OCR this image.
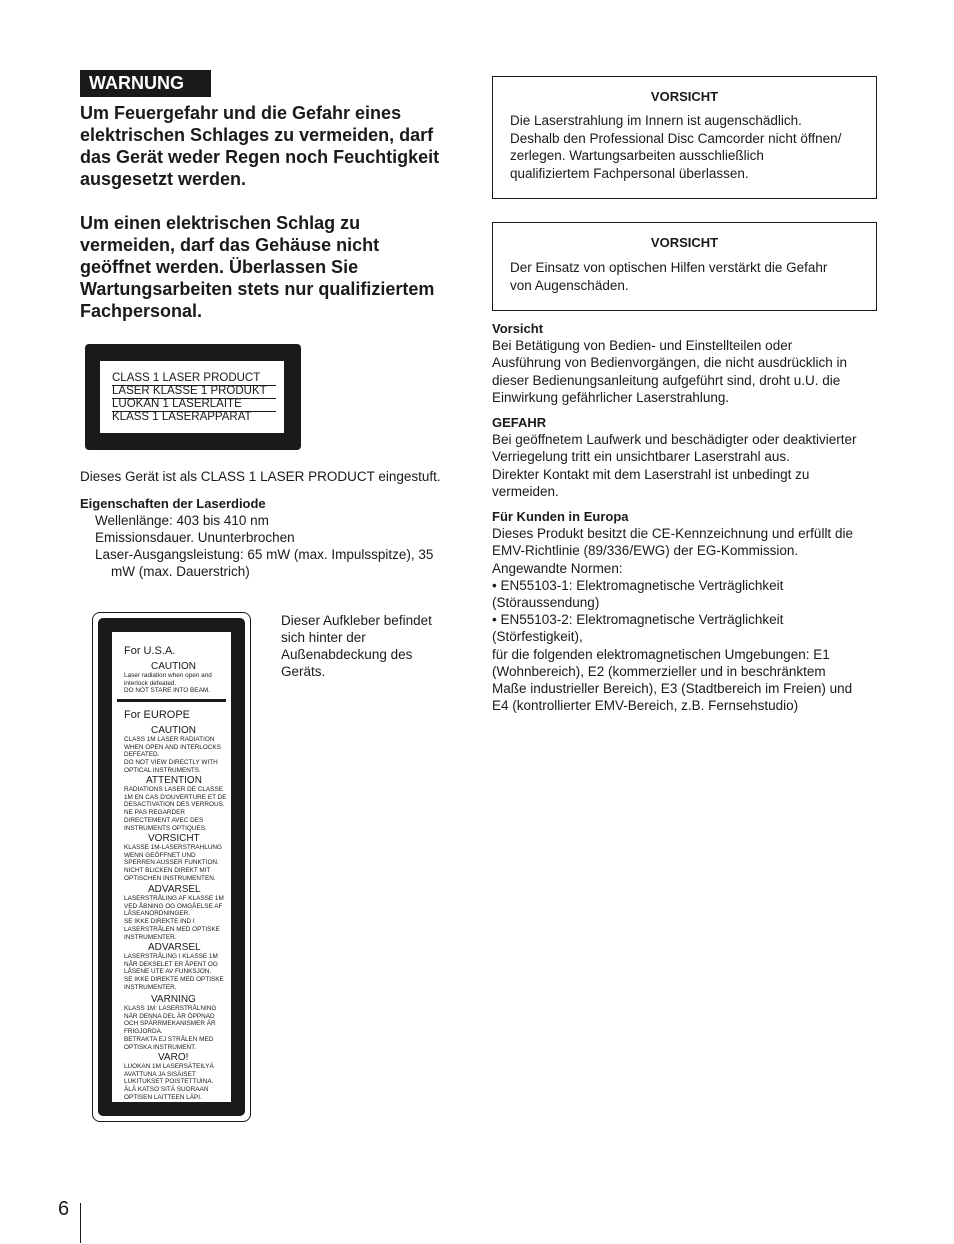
WARNUNG
Um Feuergefahr und die Gefahr eines
elektrischen Schlages zu vermeiden, darf
das Gerät weder Regen noch Feuchtigkeit
ausgesetzt werden.
Um einen elektrischen Schlag zu
vermeiden, darf das Gehäuse nicht
geöffnet werden. Überlassen Sie
Wartungsarbeiten stets nur qualifiziertem
Fachpersonal.
CLASS 1 LASER PRODUCT
LASER KLASSE 1 PRODUKT
LUOKAN 1 LASERLAITE
KLASS 1 LASERAPPARAT
Dieses Gerät ist als CLASS 1 LASER PRODUCT eingestuft.
Eigenschaften der Laserdiode
Wellenlänge: 403 bis 410 nm
Emissionsdauer. Ununterbrochen
Laser-Ausgangsleistung: 65 mW (max. Impulsspitze), 35
mW (max. Dauerstrich)
For U.S.A.
CAUTION
Laser radiation when open and
interlock defeated.
DO NOT STARE INTO BEAM.
For EUROPE
CAUTION
CLASS 1M LASER RADIATION
WHEN OPEN AND INTERLOCKS
DEFEATED.
DO NOT VIEW DIRECTLY WITH
OPTICAL INSTRUMENTS.
ATTENTION
RADIATIONS LASER DE CLASSE
1M EN CAS D'OUVERTURE ET DE
DESACTIVATION DES VERROUS.
NE PAS REGARDER
DIRECTEMENT AVEC DES
INSTRUMENTS OPTIQUES.
VORSICHT
KLASSE 1M-LASERSTRAHLUNG
WENN GEÖFFNET UND
SPERREN AUSSER FUNKTION.
NICHT BLICKEN DIREKT MIT
OPTISCHEN INSTRUMENTEN.
ADVARSEL
LASERSTRÅLING AF KLASSE 1M
VED ÅBNING OG OMGÅELSE AF
LÅSEANORDNINGER.
SE IKKE DIREKTE IND I
LASERSTRÅLEN MED OPTISKE
INSTRUMENTER.
ADVARSEL
LASERSTRÅLING I KLASSE 1M
NÅR DEKSELET ER ÅPENT OG
LÅSENE UTE AV FUNKSJON.
SE IKKE DIREKTE MED OPTISKE
INSTRUMENTER.
VARNING
KLASS 1M: LASERSTRÅLNING
NÄR DENNA DEL ÄR ÖPPNAD
OCH SPÄRRMEKANISMER ÄR
FRIGJORDA.
BETRAKTA EJ STRÅLEN MED
OPTISKA INSTRUMENT.
VARO!
LUOKAN 1M LASERSÄTEILYÄ
AVATTUNA JA SISÄISET
LUKITUKSET POISTETTUINA.
ÄLÄ KATSO SITÄ SUORAAN
OPTISEN LAITTEEN LÄPI.
Dieser Aufkleber befindet
sich hinter der
Außenabdeckung des
Geräts.
VORSICHT
Die Laserstrahlung im Innern ist augenschädlich.
Deshalb den Professional Disc Camcorder nicht öffnen/
zerlegen. Wartungsarbeiten ausschließlich
qualifiziertem Fachpersonal überlassen.
VORSICHT
Der Einsatz von optischen Hilfen verstärkt die Gefahr
von Augenschäden.
Vorsicht
Bei Betätigung von Bedien- und Einstellteilen oder
Ausführung von Bedienvorgängen, die nicht ausdrücklich in
dieser Bedienungsanleitung aufgeführt sind, droht u.U. die
Einwirkung gefährlicher Laserstrahlung.
GEFAHR
Bei geöffnetem Laufwerk und beschädigter oder deaktivierter
Verriegelung tritt ein unsichtbarer Laserstrahl aus.
Direkter Kontakt mit dem Laserstrahl ist unbedingt zu
vermeiden.
Für Kunden in Europa
Dieses Produkt besitzt die CE-Kennzeichnung und erfüllt die
EMV-Richtlinie (89/336/EWG) der EG-Kommission.
Angewandte Normen:
• EN55103-1: Elektromagnetische Verträglichkeit
(Störaussendung)
• EN55103-2: Elektromagnetische Verträglichkeit
(Störfestigkeit),
für die folgenden elektromagnetischen Umgebungen: E1
(Wohnbereich), E2 (kommerzieller und in beschränktem
Maße industrieller Bereich), E3 (Stadtbereich im Freien) und
E4 (kontrollierter EMV-Bereich, z.B. Fernsehstudio)
6
